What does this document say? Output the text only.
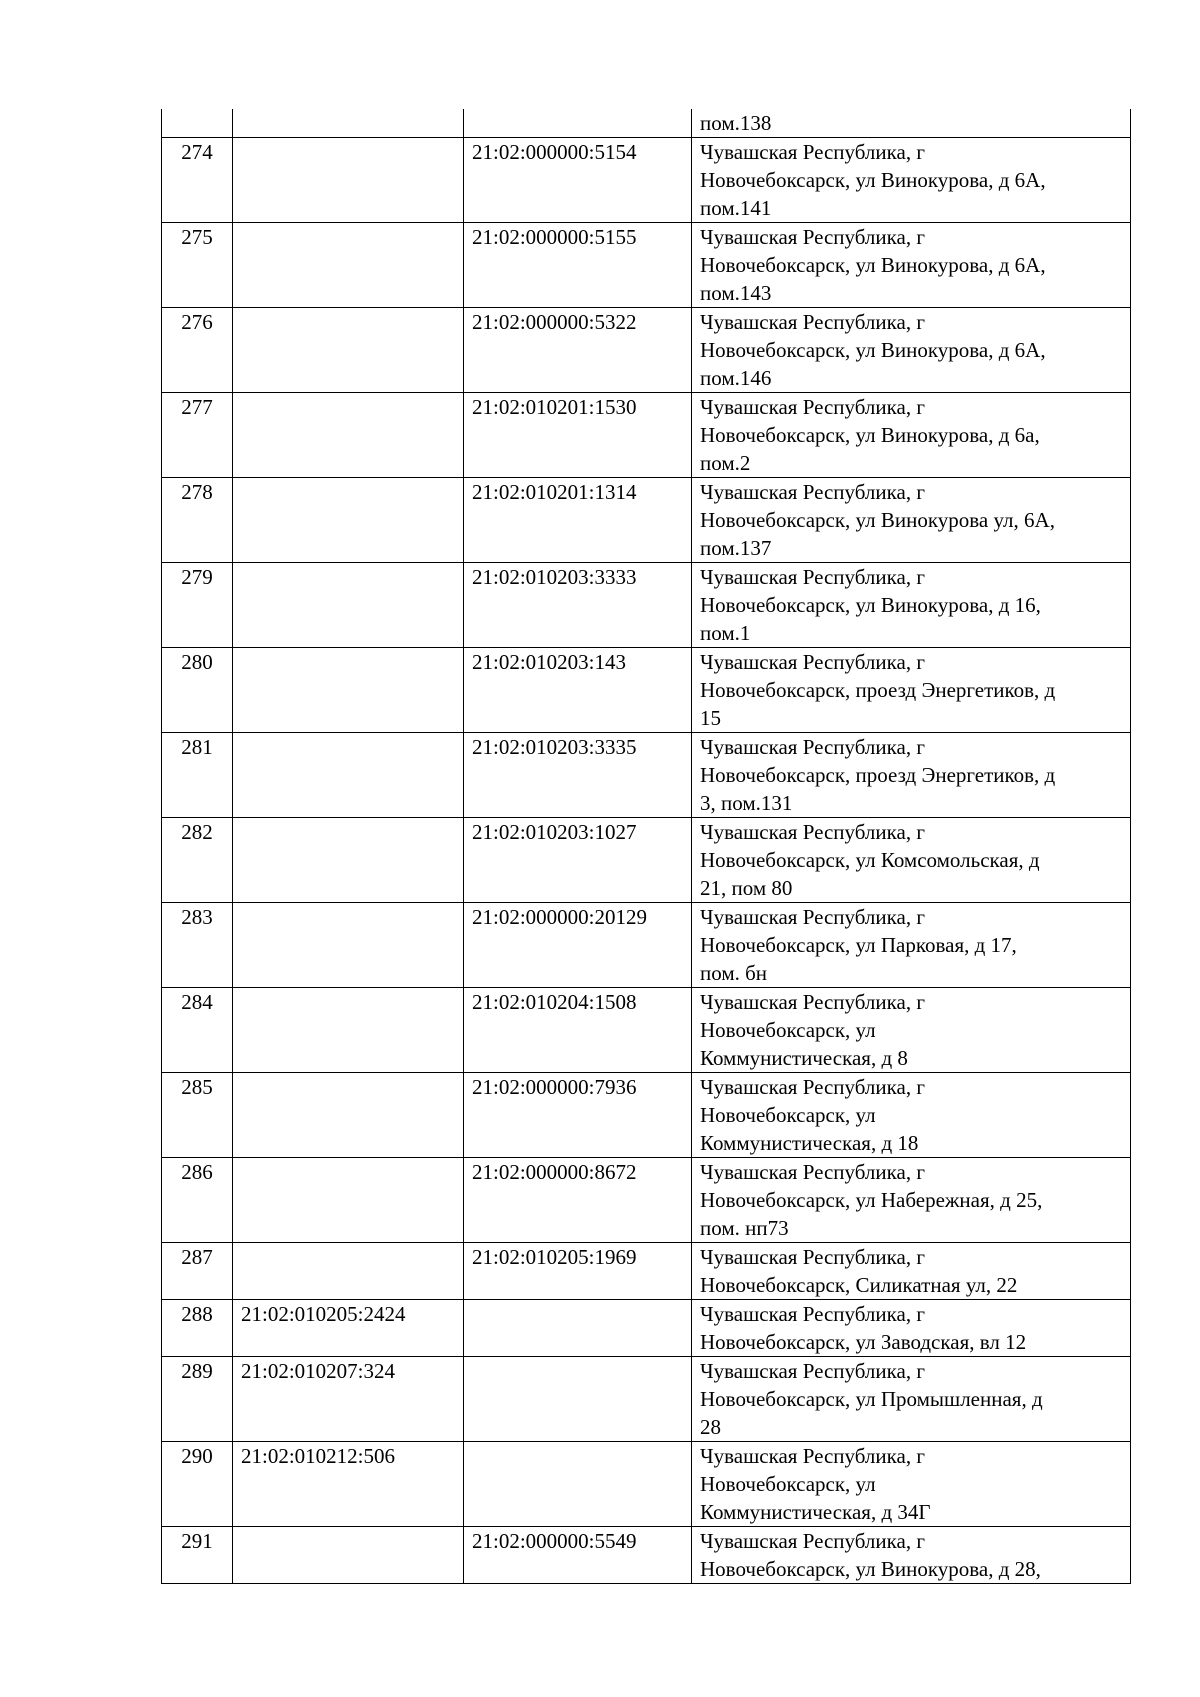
			пом.138

274		21:02:000000:5154	Чувашская Республика, г
Новочебоксарск, ул Винокурова, д 6А,
пом.141

275		21:02:000000:5155	Чувашская Республика, г
Новочебоксарск, ул Винокурова, д 6А,
пом.143

276		21:02:000000:5322	Чувашская Республика, г
Новочебоксарск, ул Винокурова, д 6А,
пом.146

277		21:02:010201:1530	Чувашская Республика, г
Новочебоксарск, ул Винокурова, д 6а,
пом.2

278		21:02:010201:1314	Чувашская Республика, г
Новочебоксарск, ул Винокурова ул, 6А,
пом.137

279		21:02:010203:3333	Чувашская Республика, г
Новочебоксарск, ул Винокурова, д 16,
пом.1

280		21:02:010203:143	Чувашская Республика, г
Новочебоксарск, проезд Энергетиков, д
15

281		21:02:010203:3335	Чувашская Республика, г
Новочебоксарск, проезд Энергетиков, д
3, пом.131

282		21:02:010203:1027	Чувашская Республика, г
Новочебоксарск, ул Комсомольская, д
21, пом 80

283		21:02:000000:20129	Чувашская Республика, г
Новочебоксарск, ул Парковая, д 17,
пом. бн

284		21:02:010204:1508	Чувашская Республика, г
Новочебоксарск, ул
Коммунистическая, д 8

285		21:02:000000:7936	Чувашская Республика, г
Новочебоксарск, ул
Коммунистическая, д 18

286		21:02:000000:8672	Чувашская Республика, г
Новочебоксарск, ул Набережная, д 25,
пом. нп73

287		21:02:010205:1969	Чувашская Республика, г
Новочебоксарск, Силикатная ул, 22

288	21:02:010205:2424		Чувашская Республика, г
Новочебоксарск, ул Заводская, вл 12

289	21:02:010207:324		Чувашская Республика, г
Новочебоксарск, ул Промышленная, д
28

290	21:02:010212:506		Чувашская Республика, г
Новочебоксарск, ул
Коммунистическая, д 34Г

291		21:02:000000:5549	Чувашская Республика, г
Новочебоксарск, ул Винокурова, д 28,
